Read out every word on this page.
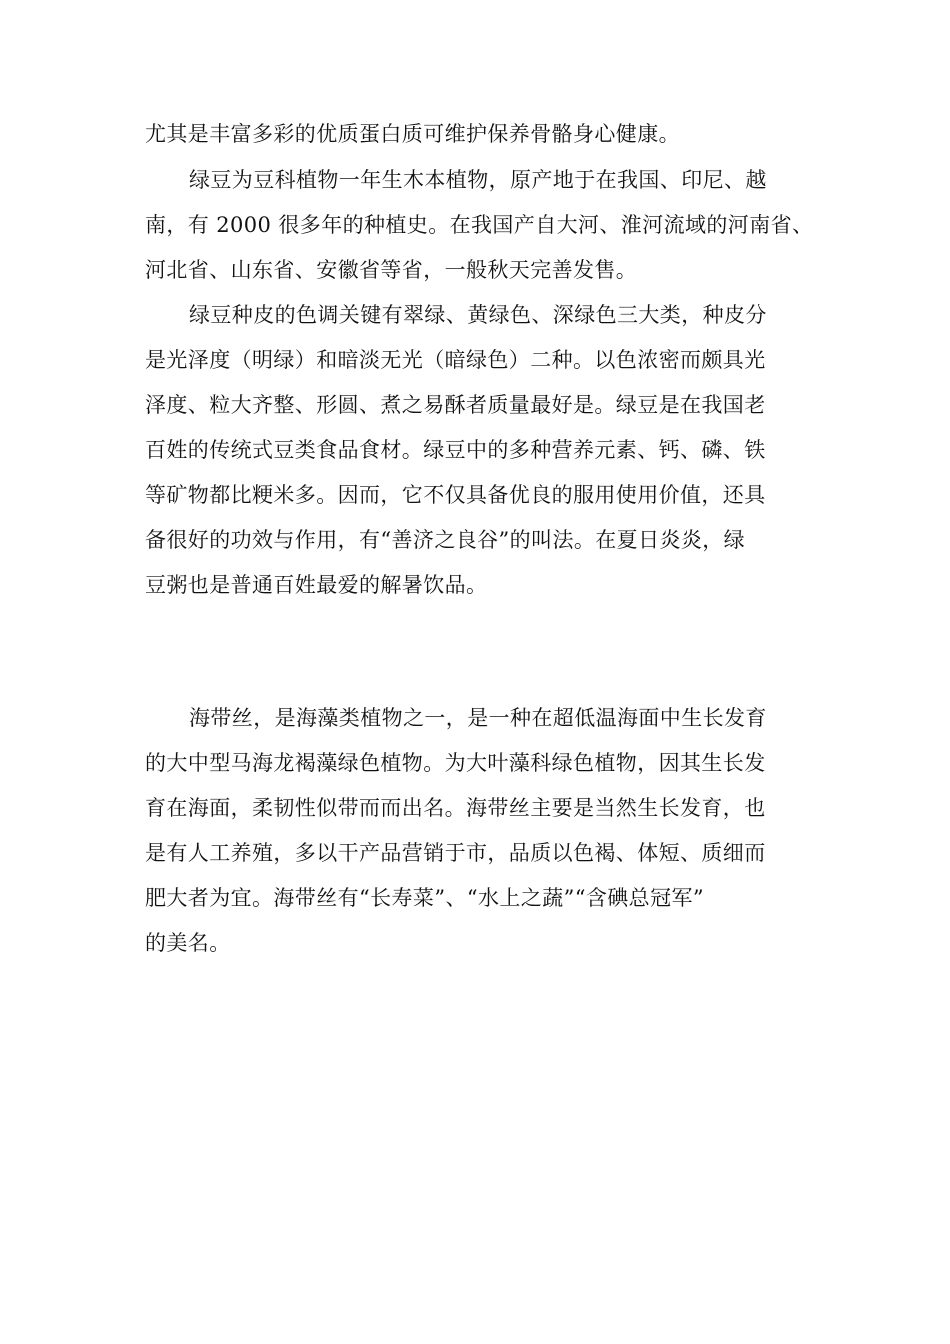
尤其是丰富多彩的优质蛋白质可维护保养骨骼身心健康。
绿豆为豆科植物一年生木本植物，原产地于在我国、印尼、越
南，有 2000 很多年的种植史。在我国产自大河、淮河流域的河南省、
河北省、山东省、安徽省等省，一般秋天完善发售。
绿豆种皮的色调关键有翠绿、黄绿色、深绿色三大类，种皮分
是光泽度（明绿）和暗淡无光（暗绿色）二种。以色浓密而颇具光
泽度、粒大齐整、形圆、煮之易酥者质量最好是。绿豆是在我国老
百姓的传统式豆类食品食材。绿豆中的多种营养元素、钙、磷、铁
等矿物都比粳米多。因而，它不仅具备优良的服用使用价值，还具
备很好的功效与作用，有“善济之良谷”的叫法。在夏日炎炎，绿
豆粥也是普通百姓最爱的解暑饮品。
海带丝，是海藻类植物之一，是一种在超低温海面中生长发育
的大中型马海龙褐藻绿色植物。为大叶藻科绿色植物，因其生长发
育在海面，柔韧性似带而而出名。海带丝主要是当然生长发育，也
是有人工养殖，多以干产品营销于市，品质以色褐、体短、质细而
肥大者为宜。海带丝有“长寿菜”、“水上之蔬”“含碘总冠军”
的美名。
